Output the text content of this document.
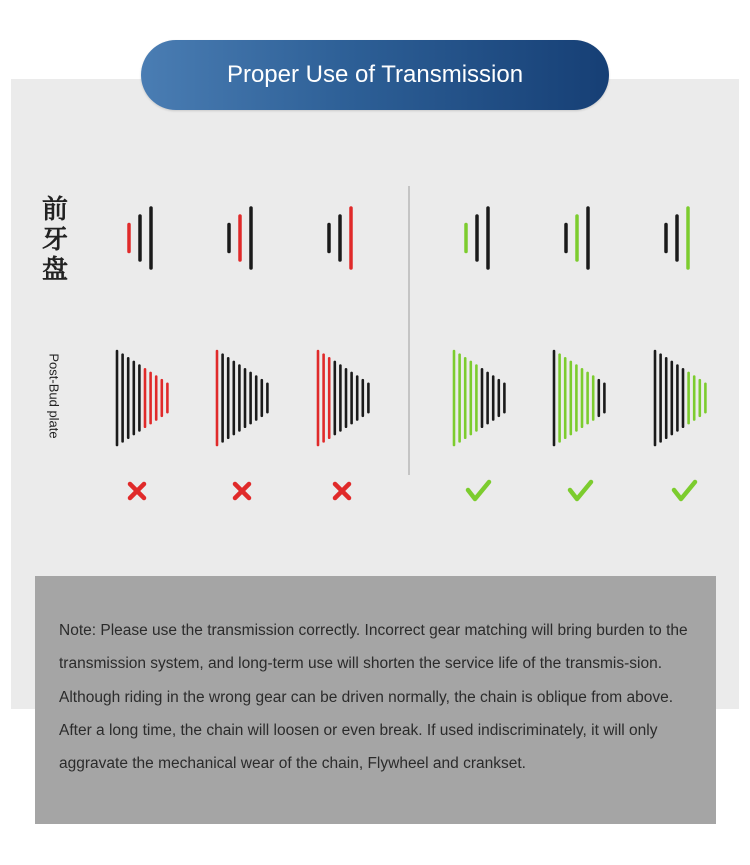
Proper Use of Transmission
前牙盘
Post-Bud plate
Note: Please use the transmission correctly. Incorrect gear matching will bring burden to the transmission system, and long-term use will shorten the service life of the transmis-sion. Although riding in the wrong gear can be driven normally, the chain is oblique from above. After a long time, the chain will loosen or even break. If used indiscriminately, it will only aggravate the mechanical wear of the chain, Flywheel and crankset.
